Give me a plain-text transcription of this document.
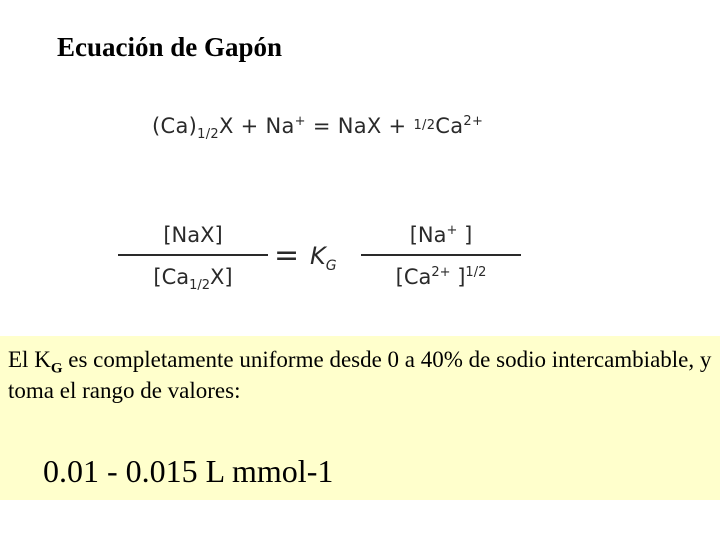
Ecuación de Gapón
$(Ca)_{1/2}X + Na^+$ = NaX + $1/2Ca^{2+}$
[NaX]
$[Ca_{1/2}X]$
= $K_G$
[Na+ ]
[$Ca^{2+}$ ]$^{1/2}$

El $K_G$ es completamente uniforme desde 0 a 40% de sodio intercambiable, y toma el rango de valores:

0.01 - 0.015 L mmol-1
